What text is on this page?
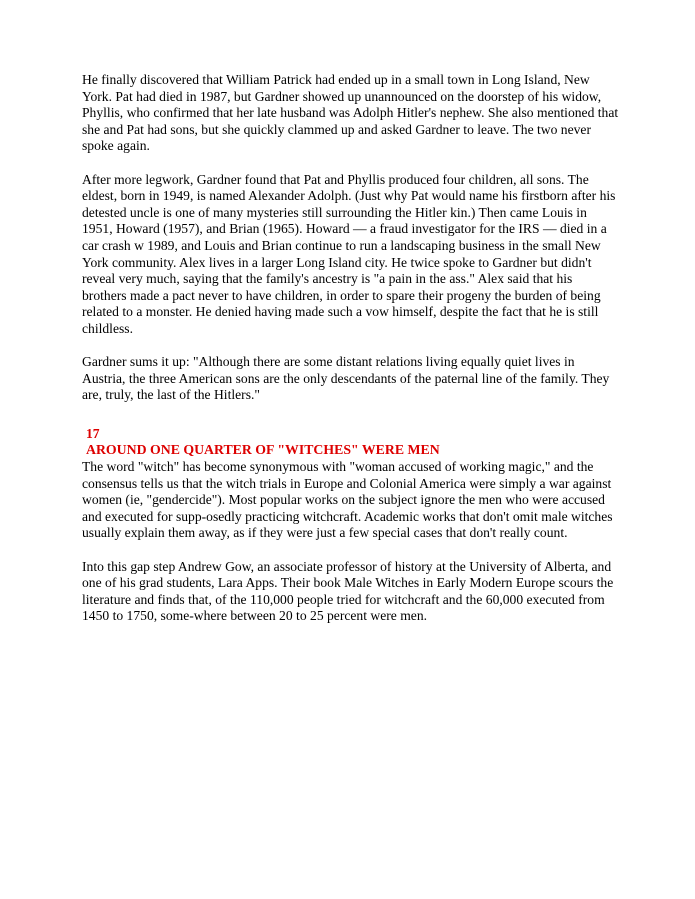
He finally discovered that William Patrick had ended up in a small town in Long Island, New York. Pat had died in 1987, but Gardner showed up unannounced on the doorstep of his widow, Phyllis, who confirmed that her late husband was Adolph Hitler's nephew. She also mentioned that she and Pat had sons, but she quickly clammed up and asked Gardner to leave. The two never spoke again.

After more legwork, Gardner found that Pat and Phyllis produced four children, all sons. The eldest, born in 1949, is named Alexander Adolph. (Just why Pat would name his firstborn after his detested uncle is one of many mysteries still surrounding the Hitler kin.) Then came Louis in 1951, Howard (1957), and Brian (1965). Howard — a fraud investigator for the IRS — died in a car crash w 1989, and Louis and Brian continue to run a landscaping business in the small New York community. Alex lives in a larger Long Island city. He twice spoke to Gardner but didn't reveal very much, saying that the family's ancestry is "a pain in the ass." Alex said that his brothers made a pact never to have children, in order to spare their progeny the burden of being related to a monster. He denied having made such a vow himself, despite the fact that he is still childless.

Gardner sums it up: "Although there are some distant relations living equally quiet lives in Austria, the three American sons are the only descendants of the paternal line of the family. They are, truly, the last of the Hitlers."

17
AROUND ONE QUARTER OF "WITCHES" WERE MEN

The word "witch" has become synonymous with "woman accused of working magic," and the consensus tells us that the witch trials in Europe and Colonial America were simply a war against women (ie, "gendercide"). Most popular works on the subject ignore the men who were accused and executed for supp-osedly practicing witchcraft. Academic works that don't omit male witches usually explain them away, as if they were just a few special cases that don't really count.

Into this gap step Andrew Gow, an associate professor of history at the University of Alberta, and one of his grad students, Lara Apps. Their book Male Witches in Early Modern Europe scours the literature and finds that, of the 110,000 people tried for witchcraft and the 60,000 executed from 1450 to 1750, some-where between 20 to 25 percent were men.
